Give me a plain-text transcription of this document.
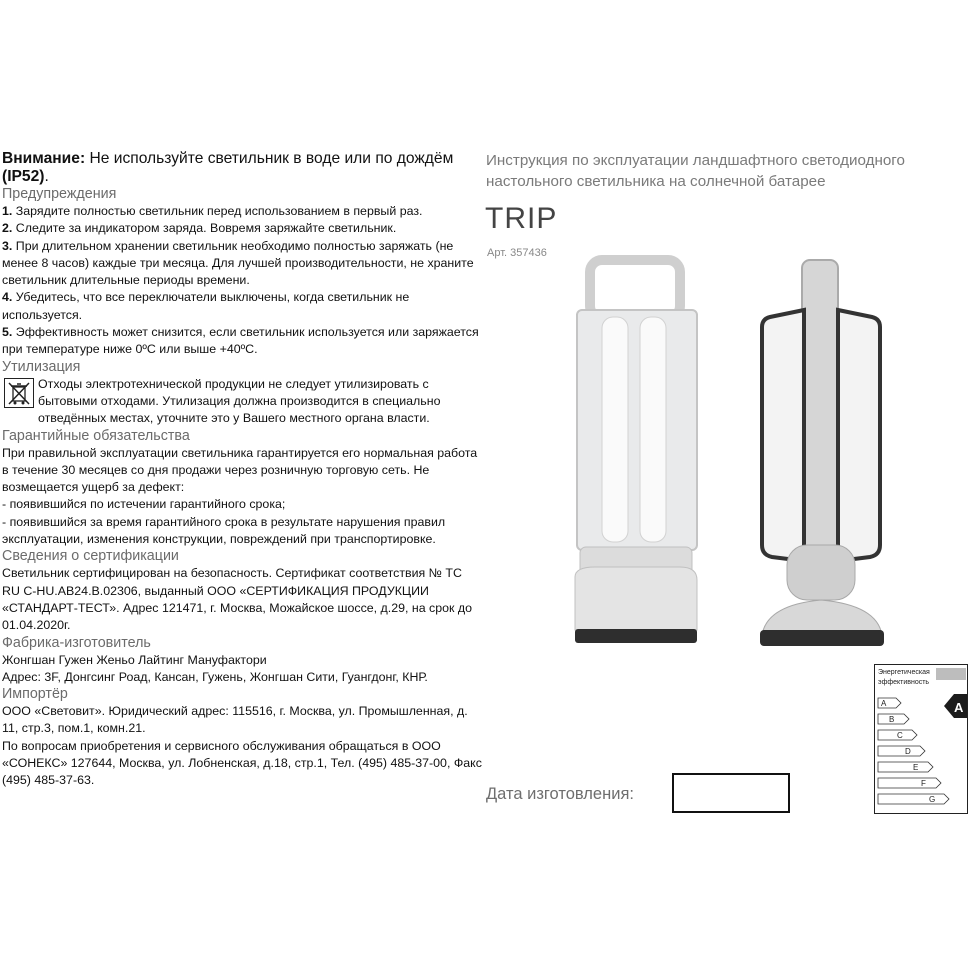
Внимание: Не используйте светильник в воде или по дождём (IP52).

Предупреждения

1. Зарядите полностью светильник перед использованием в первый раз.

2. Следите за индикатором заряда. Вовремя заряжайте светильник.

3. При длительном хранении светильник необходимо полностью заряжать (не менее 8 часов) каждые три месяца. Для лучшей производительности, не храните светильник длительные периоды времени.

4. Убедитесь, что все переключатели выключены, когда светильник не используется.

5. Эффективность может снизится, если светильник используется или заряжается при температуре ниже 0ºС или выше +40ºС.

Утилизация

Отходы электротехнической продукции не следует утилизировать с бытовыми отходами. Утилизация должна производится в специально отведённых местах, уточните это у Вашего местного органа власти.

Гарантийные обязательства

При правильной эксплуатации светильника гарантируется его нормальная работа в течение 30 месяцев со дня продажи через розничную торговую сеть. Не возмещается ущерб за дефект:

- появившийся по истечении гарантийного срока;

- появившийся за время гарантийного срока в результате нарушения правил эксплуатации, изменения конструкции, повреждений при транспортировке.

Сведения о сертификации

Светильник сертифицирован на безопасность. Сертификат соответствия № ТС RU С-HU.AB24.B.02306, выданный ООО «СЕРТИФИКАЦИЯ ПРОДУКЦИИ «СТАНДАРТ-ТЕСТ». Адрес 121471, г. Москва, Можайское шоссе, д.29, на срок до 01.04.2020г.

Фабрика-изготовитель

Жонгшан Гужен Женьо Лайтинг Мануфактори

Адрес: 3F, Донгсинг Роад, Кансан, Гужень, Жонгшан Сити, Гуангдонг, КНР.

Импортёр

ООО «Световит». Юридический адрес: 115516, г. Москва, ул. Промышленная, д. 11, стр.3, пом.1, комн.21.

По вопросам приобретения и сервисного обслуживания обращаться в ООО «СОНЕКС» 127644, Москва, ул. Лобненская, д.18, стр.1, Тел. (495) 485-37-00, Факс (495) 485-37-63.

Инструкция по эксплуатации ландшафтного светодиодного настольного светильника на солнечной батарее
TRIP
Арт. 357436
Дата изготовления:
Энергетическая
эффективность
A
A
B
C
D
E
F
G
